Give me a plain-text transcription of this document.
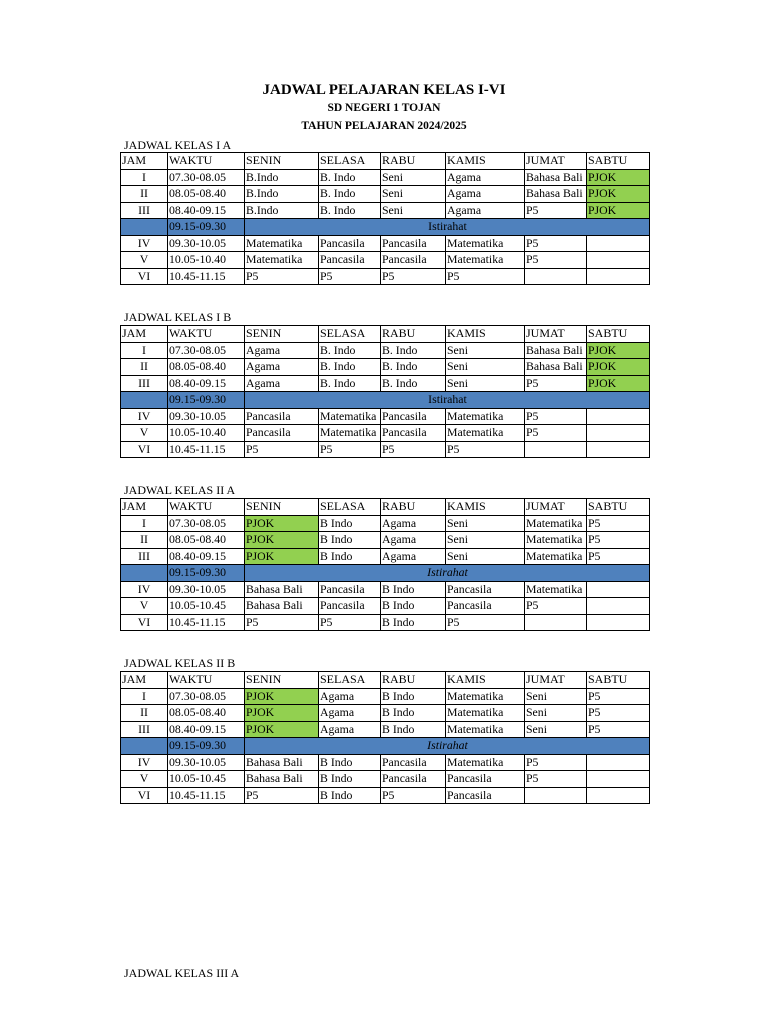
JADWAL PELAJARAN KELAS I-VI
SD NEGERI 1 TOJAN
TAHUN PELAJARAN 2024/2025
JADWAL KELAS I A
JAM	WAKTU	SENIN	SELASA	RABU	KAMIS	JUMAT	SABTU
I	07.30-08.05	B.Indo	B. Indo	Seni	Agama	Bahasa Bali	PJOK
II	08.05-08.40	B.Indo	B. Indo	Seni	Agama	Bahasa Bali	PJOK
III	08.40-09.15	B.Indo	B. Indo	Seni	Agama	P5	PJOK
	09.15-09.30	Istirahat					
IV	09.30-10.05	Matematika	Pancasila	Pancasila	Matematika	P5	
V	10.05-10.40	Matematika	Pancasila	Pancasila	Matematika	P5	
VI	10.45-11.15	P5	P5	P5	P5		
JADWAL KELAS I B
JAM	WAKTU	SENIN	SELASA	RABU	KAMIS	JUMAT	SABTU
I	07.30-08.05	Agama	B. Indo	B. Indo	Seni	Bahasa Bali	PJOK
II	08.05-08.40	Agama	B. Indo	B. Indo	Seni	Bahasa Bali	PJOK
III	08.40-09.15	Agama	B. Indo	B. Indo	Seni	P5	PJOK
	09.15-09.30	Istirahat					
IV	09.30-10.05	Pancasila	Matematika	Pancasila	Matematika	P5	
V	10.05-10.40	Pancasila	Matematika	Pancasila	Matematika	P5	
VI	10.45-11.15	P5	P5	P5	P5		
JADWAL KELAS II A
JAM	WAKTU	SENIN	SELASA	RABU	KAMIS	JUMAT	SABTU
I	07.30-08.05	PJOK	B Indo	Agama	Seni	Matematika	P5
II	08.05-08.40	PJOK	B Indo	Agama	Seni	Matematika	P5
III	08.40-09.15	PJOK	B Indo	Agama	Seni	Matematika	P5
	09.15-09.30	Istirahat					
IV	09.30-10.05	Bahasa Bali	Pancasila	B Indo	Pancasila	Matematika	
V	10.05-10.45	Bahasa Bali	Pancasila	B Indo	Pancasila	P5	
VI	10.45-11.15	P5	P5	B Indo	P5		
JADWAL KELAS II B
JAM	WAKTU	SENIN	SELASA	RABU	KAMIS	JUMAT	SABTU
I	07.30-08.05	PJOK	Agama	B Indo	Matematika	Seni	P5
II	08.05-08.40	PJOK	Agama	B Indo	Matematika	Seni	P5
III	08.40-09.15	PJOK	Agama	B Indo	Matematika	Seni	P5
	09.15-09.30	Istirahat					
IV	09.30-10.05	Bahasa Bali	B Indo	Pancasila	Matematika	P5	
V	10.05-10.45	Bahasa Bali	B Indo	Pancasila	Pancasila	P5	
VI	10.45-11.15	P5	B Indo	P5	Pancasila		
JADWAL KELAS III A
